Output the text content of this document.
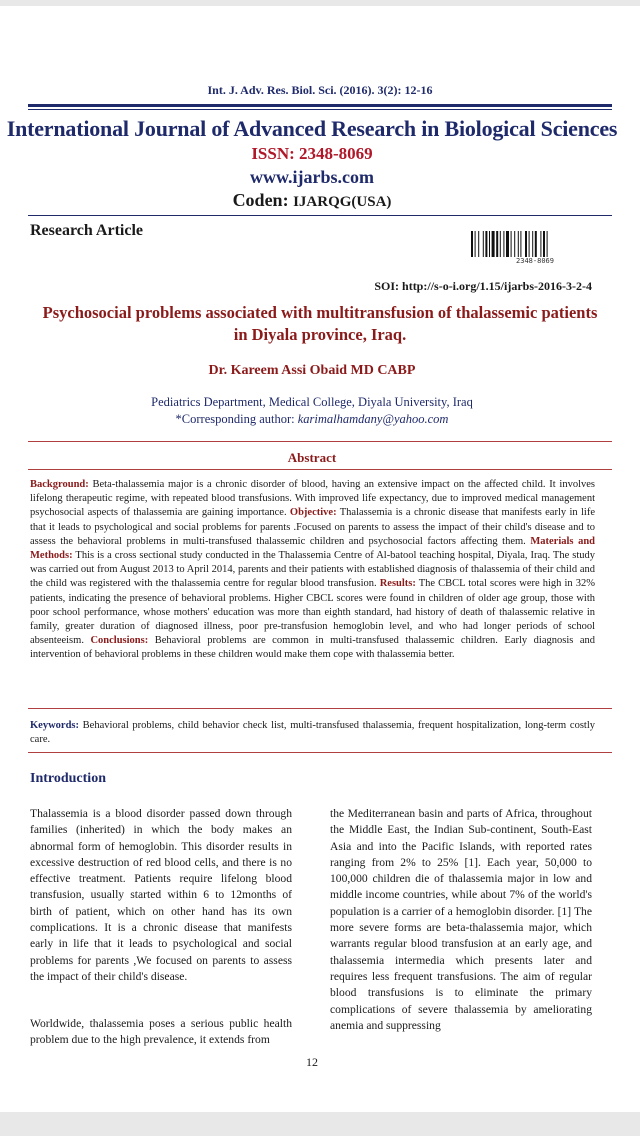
Int. J. Adv. Res. Biol. Sci. (2016). 3(2): 12-16
International Journal of Advanced Research in Biological Sciences
ISSN: 2348-8069
www.ijarbs.com
Coden: IJARQG(USA)
Research Article
2348-8069
SOI: http://s-o-i.org/1.15/ijarbs-2016-3-2-4
Psychosocial problems associated with multitransfusion of thalassemic patients in Diyala province, Iraq.
Dr. Kareem Assi Obaid MD CABP
Pediatrics Department, Medical College, Diyala University, Iraq
*Corresponding author: karimalhamdany@yahoo.com
Abstract
Background: Beta-thalassemia major is a chronic disorder of blood, having an extensive impact on the affected child. It involves lifelong therapeutic regime, with repeated blood transfusions. With improved life expectancy, due to improved medical management psychosocial aspects of thalassemia are gaining importance. Objective: Thalassemia is a chronic disease that manifests early in life that it leads to psychological and social problems for parents .Focused on parents to assess the impact of their child's disease and to assess the behavioral problems in multi-transfused thalassemic children and psychosocial factors affecting them. Materials and Methods: This is a cross sectional study conducted in the Thalassemia Centre of Al-batool teaching hospital, Diyala, Iraq. The study was carried out from August 2013 to April 2014, parents and their patients with established diagnosis of thalassemia of their child and the child was registered with the thalassemia centre for regular blood transfusion. Results: The CBCL total scores were high in 32% patients, indicating the presence of behavioral problems. Higher CBCL scores were found in children of older age group, those with poor school performance, whose mothers' education was more than eighth standard, had history of death of thalassemic relative in family, greater duration of diagnosed illness, poor pre-transfusion hemoglobin level, and who had longer periods of school absenteeism. Conclusions: Behavioral problems are common in multi-transfused thalassemic children. Early diagnosis and intervention of behavioral problems in these children would make them cope with thalassemia better.
Keywords: Behavioral problems, child behavior check list, multi-transfused thalassemia, frequent hospitalization, long-term costly care.
Introduction
Thalassemia is a blood disorder passed down through families (inherited) in which the body makes an abnormal form of hemoglobin. This disorder results in excessive destruction of red blood cells, and there is no effective treatment. Patients require lifelong blood transfusion, usually started within 6 to 12months of birth of patient, which on other hand has its own complications. It is a chronic disease that manifests early in life that it leads to psychological and social problems for parents ,We focused on parents to assess the impact of their child's disease.
Worldwide, thalassemia poses a serious public health problem due to the high prevalence, it extends from
the Mediterranean basin and parts of Africa, throughout the Middle East, the Indian Sub-continent, South-East Asia and into the Pacific Islands, with reported rates ranging from 2% to 25% [1]. Each year, 50,000 to 100,000 children die of thalassemia major in low and middle income countries, while about 7% of the world's population is a carrier of a hemoglobin disorder. [1] The more severe forms are beta-thalassemia major, which warrants regular blood transfusion at an early age, and thalassemia intermedia which presents later and requires less frequent transfusions. The aim of regular blood transfusions is to eliminate the primary complications of severe thalassemia by ameliorating anemia and suppressing
12
